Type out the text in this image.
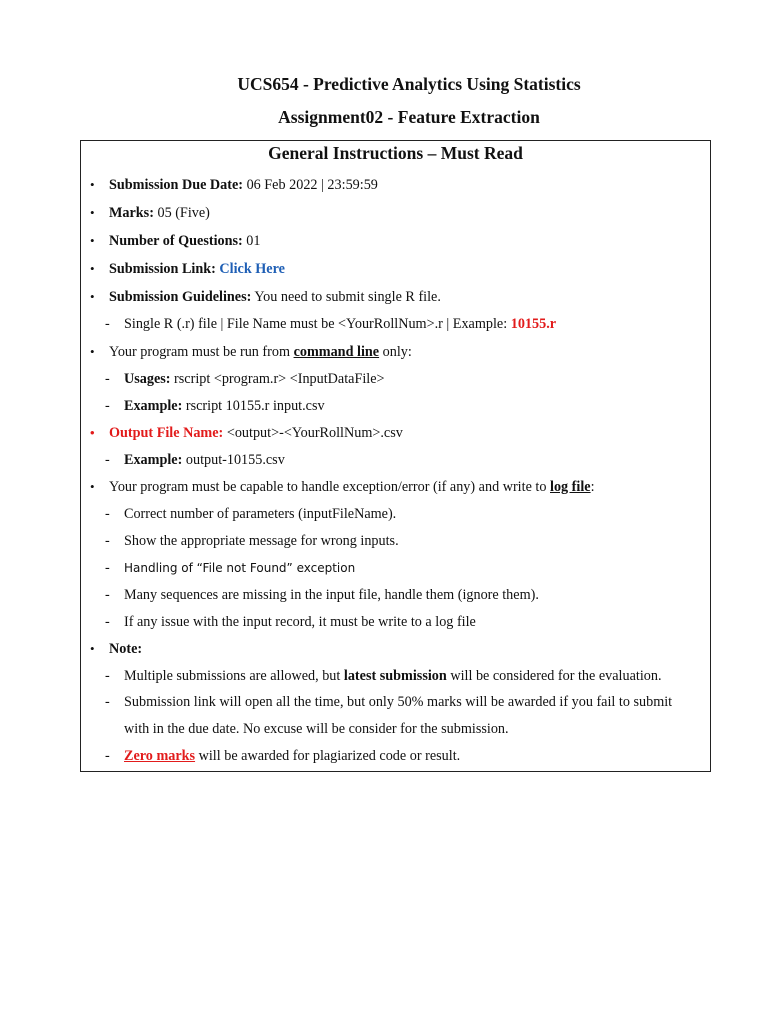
UCS654 - Predictive Analytics Using Statistics
Assignment02 - Feature Extraction
General Instructions – Must Read
• Submission Due Date: 06 Feb 2022 | 23:59:59
• Marks: 05 (Five)
• Number of Questions: 01
• Submission Link: Click Here
• Submission Guidelines: You need to submit single R file.
- Single R (.r) file | File Name must be <YourRollNum>.r | Example: 10155.r
• Your program must be run from command line only:
- Usages: rscript <program.r> <InputDataFile>
- Example: rscript 10155.r input.csv
• Output File Name: <output>-<YourRollNum>.csv
- Example: output-10155.csv
• Your program must be capable to handle exception/error (if any) and write to log file:
- Correct number of parameters (inputFileName).
- Show the appropriate message for wrong inputs.
- Handling of “File not Found” exception
- Many sequences are missing in the input file, handle them (ignore them).
- If any issue with the input record, it must be write to a log file
• Note:
- Multiple submissions are allowed, but latest submission will be considered for the evaluation.
- Submission link will open all the time, but only 50% marks will be awarded if you fail to submit
with in the due date. No excuse will be consider for the submission.
- Zero marks will be awarded for plagiarized code or result.
